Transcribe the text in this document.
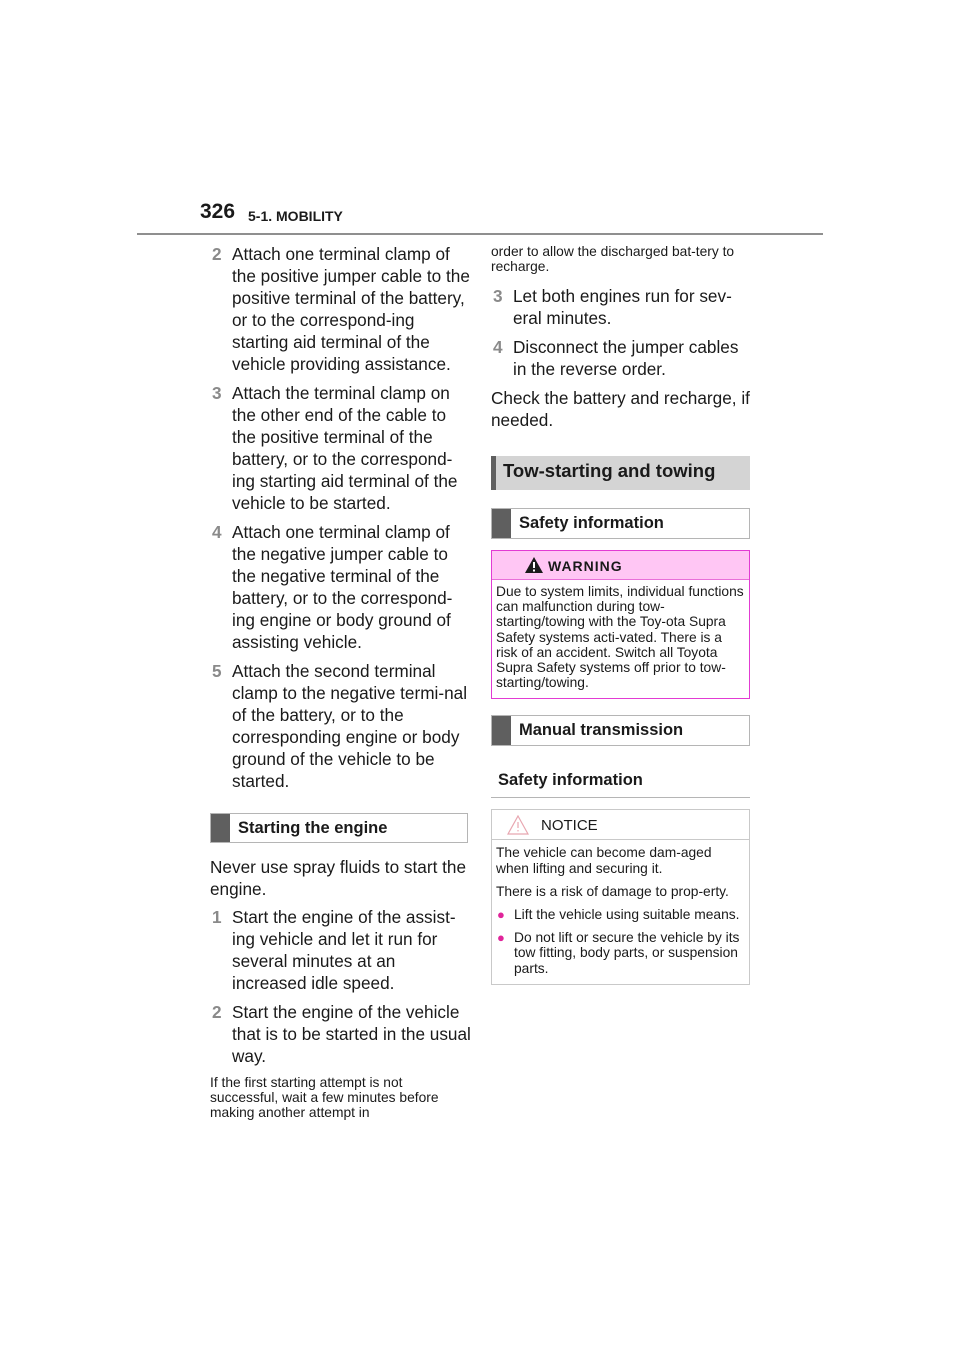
326 5-1. MOBILITY
2 Attach one terminal clamp of the positive jumper cable to the positive terminal of the battery, or to the correspond-ing starting aid terminal of the vehicle providing assistance.
3 Attach the terminal clamp on the other end of the cable to the positive terminal of the battery, or to the correspond-ing starting aid terminal of the vehicle to be started.
4 Attach one terminal clamp of the negative jumper cable to the negative terminal of the battery, or to the correspond-ing engine or body ground of assisting vehicle.
5 Attach the second terminal clamp to the negative termi-nal of the battery, or to the corresponding engine or body ground of the vehicle to be started.
Starting the engine
Never use spray fluids to start the engine.
1 Start the engine of the assist-ing vehicle and let it run for several minutes at an increased idle speed.
2 Start the engine of the vehicle that is to be started in the usual way.
If the first starting attempt is not successful, wait a few minutes before making another attempt in
order to allow the discharged bat-tery to recharge.
3 Let both engines run for sev-eral minutes.
4 Disconnect the jumper cables in the reverse order.
Check the battery and recharge, if needed.
Tow-starting and towing
Safety information
WARNING
Due to system limits, individual functions can malfunction during tow-starting/towing with the Toy-ota Supra Safety systems acti-vated. There is a risk of an accident. Switch all Toyota Supra Safety systems off prior to tow-starting/towing.
Manual transmission
Safety information
NOTICE

The vehicle can become dam-aged when lifting and securing it.

There is a risk of damage to prop-erty.

● Lift the vehicle using suitable means.
● Do not lift or secure the vehicle by its tow fitting, body parts, or suspension parts.
